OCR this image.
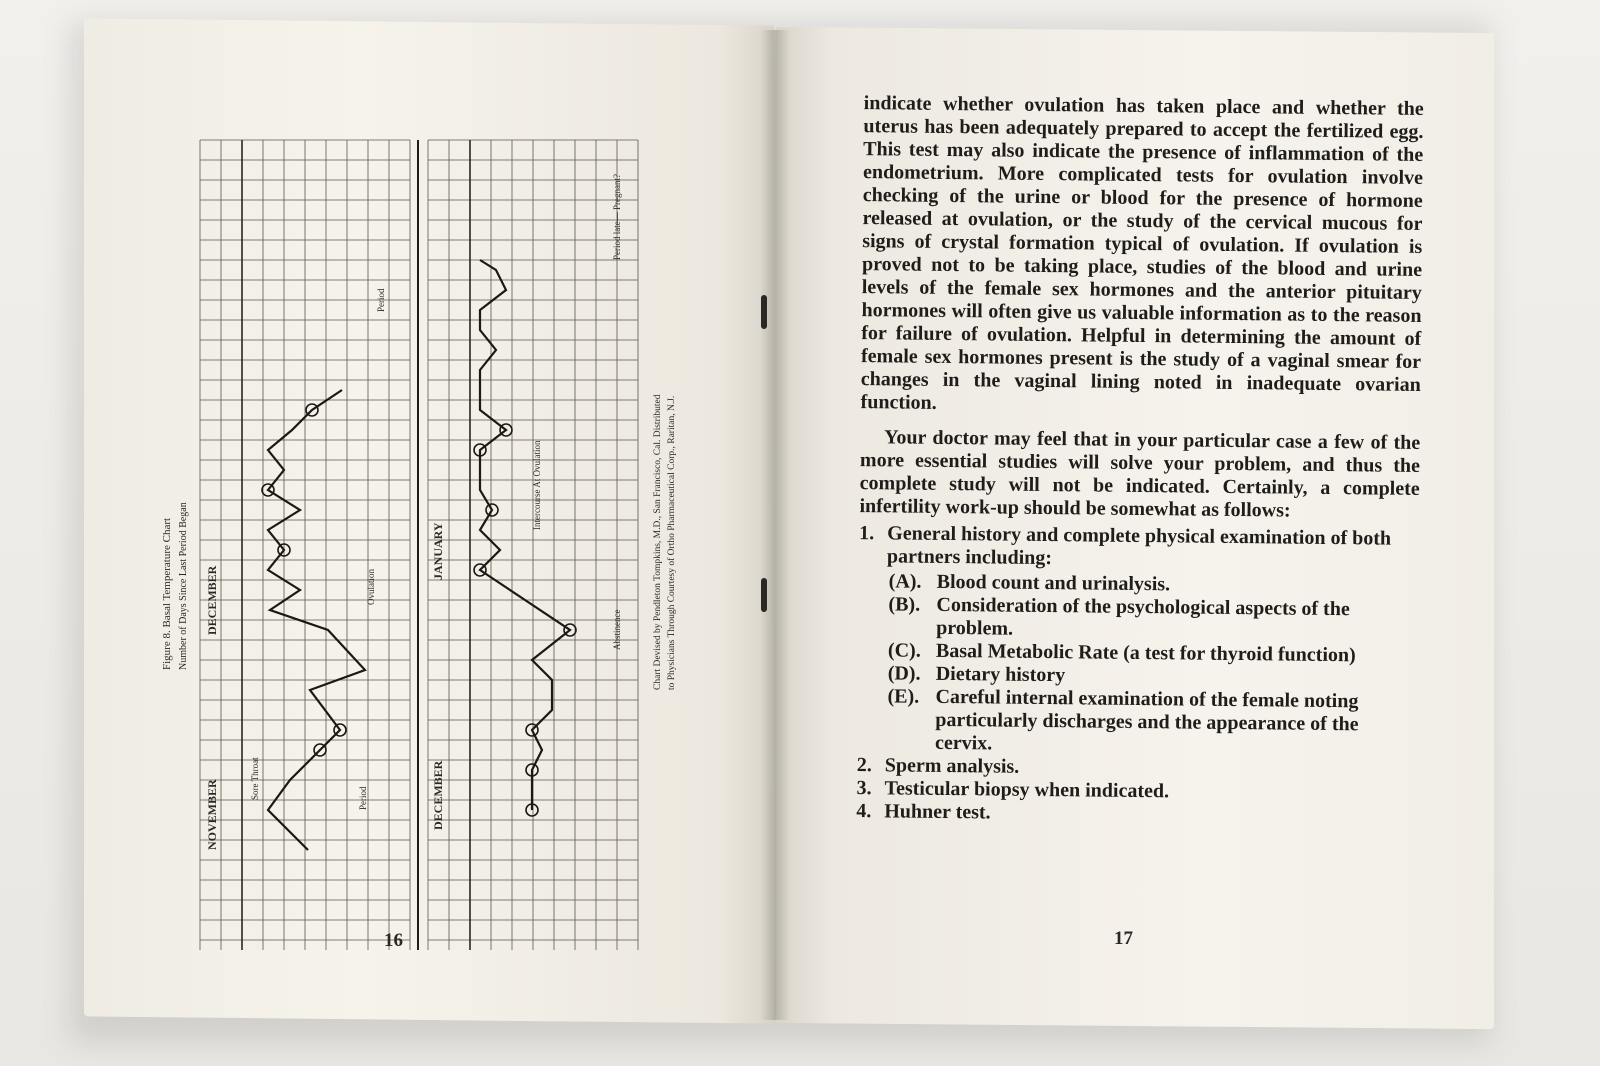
Figure 8. Basal Temperature Chart Number of Days Since Last Period Began
NOVEMBER
DECEMBER
DECEMBER
JANUARY
Sore Throat	Period
Ovulation
Period
Intercourse At Ovulation
Abstinence
Period late— Pregnant?
Chart Devised by Pendleton Tompkins, M.D., San Francisco, Cal. Distributed to Physicians Through Courtesy of Ortho Pharmaceutical Corp., Raritan, N.J.
16	17

indicate whether ovulation has taken place and whether the uterus has been adequately prepared to accept the fertilized egg. This test may also indicate the presence of inflammation of the endometrium. More complicated tests for ovulation involve checking of the urine or blood for the presence of hormone released at ovulation, or the study of the cervical mucous for signs of crystal formation typical of ovulation. If ovulation is proved not to be taking place, studies of the blood and urine levels of the female sex hormones and the anterior pituitary hormones will often give us valuable information as to the reason for failure of ovulation. Helpful in determining the amount of female sex hormones present is the study of a vaginal smear for changes in the vaginal lining noted in inadequate ovarian function.

Your doctor may feel that in your particular case a few of the more essential studies will solve your problem, and thus the complete study will not be indicated. Certainly, a complete infertility work-up should be somewhat as follows:

1. General history and complete physical examination of both partners including:
(A). Blood count and urinalysis.
(B). Consideration of the psychological aspects of the problem.
(C). Basal Metabolic Rate (a test for thyroid function)
(D). Dietary history
(E). Careful internal examination of the female noting particularly discharges and the appearance of the cervix.
2. Sperm analysis.
3. Testicular biopsy when indicated.
4. Huhner test.
